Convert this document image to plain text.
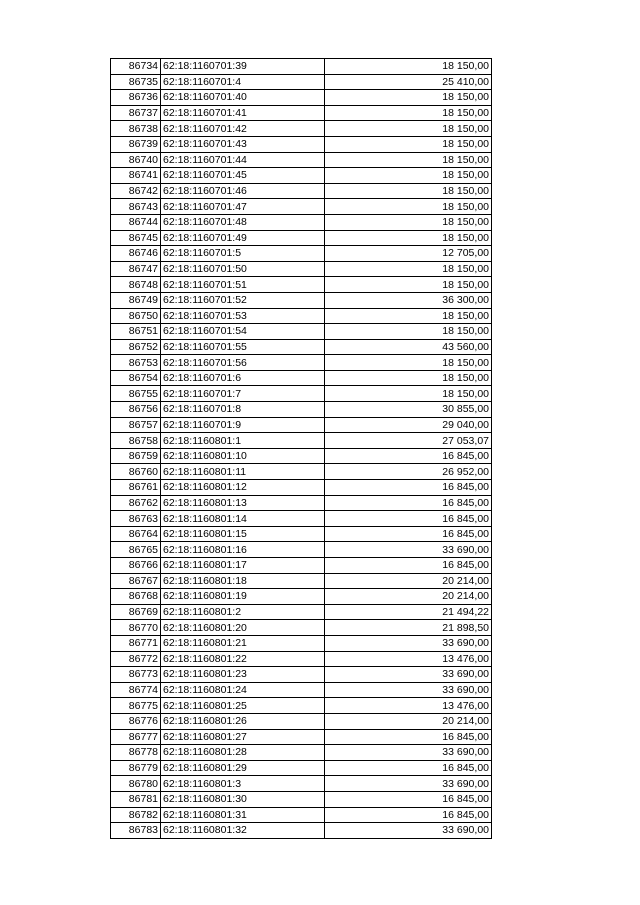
86734	62:18:1160701:39	18 150,00
86735	62:18:1160701:4	25 410,00
86736	62:18:1160701:40	18 150,00
86737	62:18:1160701:41	18 150,00
86738	62:18:1160701:42	18 150,00
86739	62:18:1160701:43	18 150,00
86740	62:18:1160701:44	18 150,00
86741	62:18:1160701:45	18 150,00
86742	62:18:1160701:46	18 150,00
86743	62:18:1160701:47	18 150,00
86744	62:18:1160701:48	18 150,00
86745	62:18:1160701:49	18 150,00
86746	62:18:1160701:5	12 705,00
86747	62:18:1160701:50	18 150,00
86748	62:18:1160701:51	18 150,00
86749	62:18:1160701:52	36 300,00
86750	62:18:1160701:53	18 150,00
86751	62:18:1160701:54	18 150,00
86752	62:18:1160701:55	43 560,00
86753	62:18:1160701:56	18 150,00
86754	62:18:1160701:6	18 150,00
86755	62:18:1160701:7	18 150,00
86756	62:18:1160701:8	30 855,00
86757	62:18:1160701:9	29 040,00
86758	62:18:1160801:1	27 053,07
86759	62:18:1160801:10	16 845,00
86760	62:18:1160801:11	26 952,00
86761	62:18:1160801:12	16 845,00
86762	62:18:1160801:13	16 845,00
86763	62:18:1160801:14	16 845,00
86764	62:18:1160801:15	16 845,00
86765	62:18:1160801:16	33 690,00
86766	62:18:1160801:17	16 845,00
86767	62:18:1160801:18	20 214,00
86768	62:18:1160801:19	20 214,00
86769	62:18:1160801:2	21 494,22
86770	62:18:1160801:20	21 898,50
86771	62:18:1160801:21	33 690,00
86772	62:18:1160801:22	13 476,00
86773	62:18:1160801:23	33 690,00
86774	62:18:1160801:24	33 690,00
86775	62:18:1160801:25	13 476,00
86776	62:18:1160801:26	20 214,00
86777	62:18:1160801:27	16 845,00
86778	62:18:1160801:28	33 690,00
86779	62:18:1160801:29	16 845,00
86780	62:18:1160801:3	33 690,00
86781	62:18:1160801:30	16 845,00
86782	62:18:1160801:31	16 845,00
86783	62:18:1160801:32	33 690,00
